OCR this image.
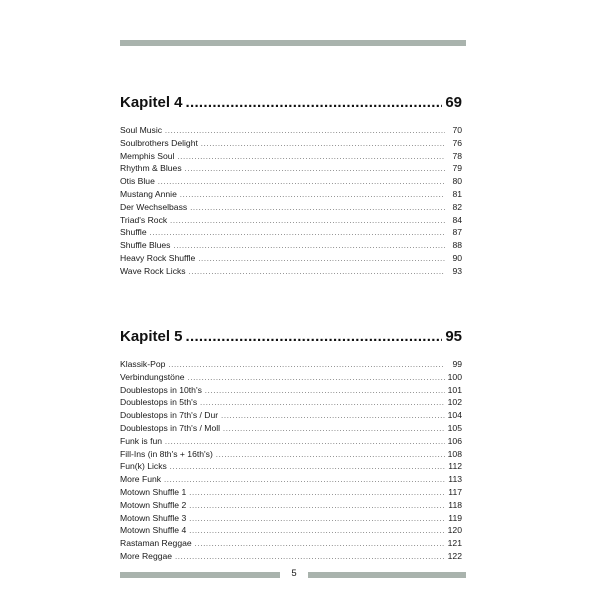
Kapitel 4 .....	69
Soul Music .....	70
Soulbrothers Delight .....	76
Memphis Soul .....	78
Rhythm & Blues .....	79
Otis Blue .....	80
Mustang Annie .....	81
Der Wechselbass .....	82
Triad's Rock .....	84
Shuffle .....	87
Shuffle Blues .....	88
Heavy Rock Shuffle .....	90
Wave Rock Licks .....	93
Kapitel 5 .....	95
Klassik-Pop .....	99
Verbindungstöne .....	100
Doublestops in 10th's .....	101
Doublestops in 5th's .....	102
Doublestops in 7th's / Dur .....	104
Doublestops in 7th's / Moll .....	105
Funk is fun .....	106
Fill-Ins (in 8th's + 16th's) .....	108
Fun(k) Licks .....	112
More Funk .....	113
Motown Shuffle 1 .....	117
Motown Shuffle 2 .....	118
Motown Shuffle 3 .....	119
Motown Shuffle 4 .....	120
Rastaman Reggae .....	121
More Reggae .....	122
5
